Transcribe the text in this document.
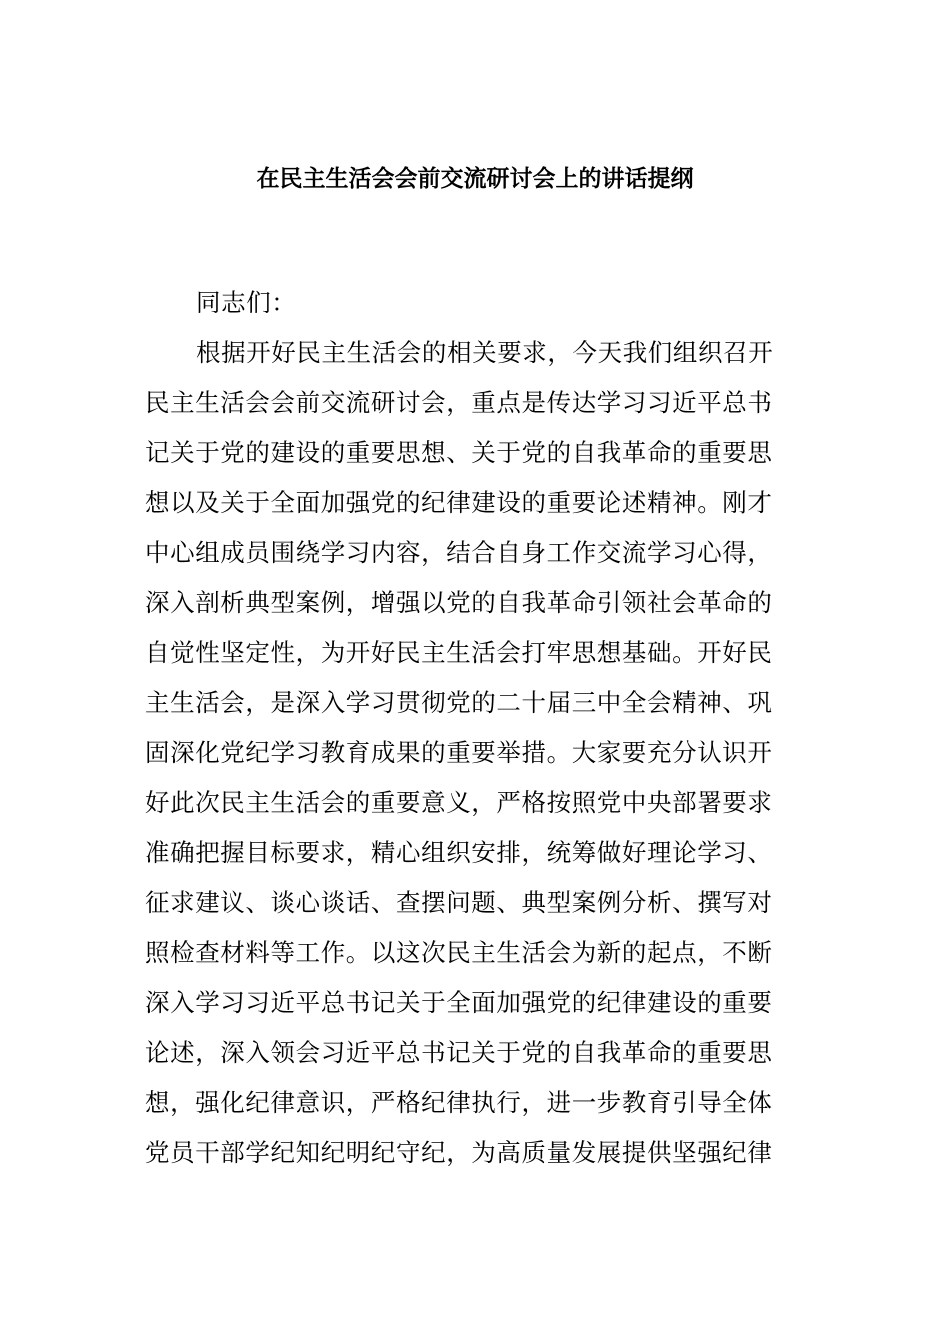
在民主生活会会前交流研讨会上的讲话提纲
同志们：
根据开好民主生活会的相关要求，今天我们组织召开
民主生活会会前交流研讨会，重点是传达学习习近平总书
记关于党的建设的重要思想、关于党的自我革命的重要思
想以及关于全面加强党的纪律建设的重要论述精神。刚才
中心组成员围绕学习内容，结合自身工作交流学习心得，
深入剖析典型案例，增强以党的自我革命引领社会革命的
自觉性坚定性，为开好民主生活会打牢思想基础。开好民
主生活会，是深入学习贯彻党的二十届三中全会精神、巩
固深化党纪学习教育成果的重要举措。大家要充分认识开
好此次民主生活会的重要意义，严格按照党中央部署要求
准确把握目标要求，精心组织安排，统筹做好理论学习、
征求建议、谈心谈话、查摆问题、典型案例分析、撰写对
照检查材料等工作。以这次民主生活会为新的起点，不断
深入学习习近平总书记关于全面加强党的纪律建设的重要
论述，深入领会习近平总书记关于党的自我革命的重要思
想，强化纪律意识，严格纪律执行，进一步教育引导全体
党员干部学纪知纪明纪守纪，为高质量发展提供坚强纪律
